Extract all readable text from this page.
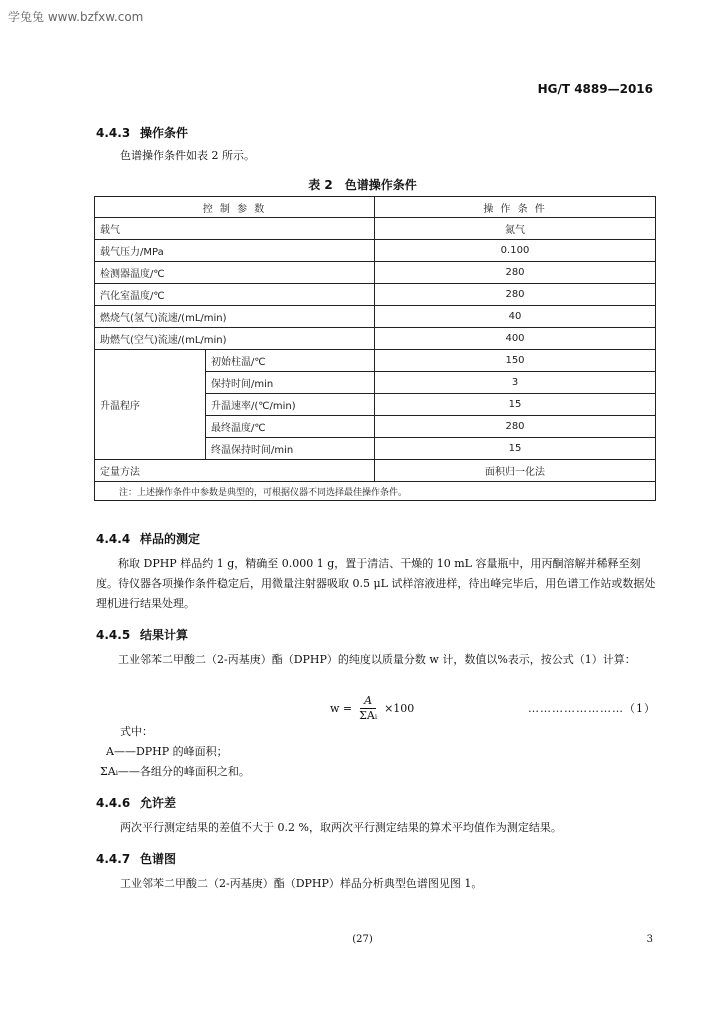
学兔兔 www.bzfxw.com
HG/T 4889—2016
4.4.3 操作条件
色谱操作条件如表 2 所示。
表 2　色谱操作条件
控 制 参 数		操 作 条 件
载气		氮气
载气压力/MPa		0.100
检测器温度/℃		280
汽化室温度/℃		280
燃烧气(氢气)流速/(mL/min)		40
助燃气(空气)流速/(mL/min)		400
升温程序	初始柱温/℃	150
	保持时间/min	3
	升温速率/(℃/min)	15
	最终温度/℃	280
	终温保持时间/min	15
定量方法		面积归一化法
注：上述操作条件中参数是典型的，可根据仪器不同选择最佳操作条件。		
4.4.4 样品的测定
称取 DPHP 样品约 1 g，精确至 0.000 1 g，置于清洁、干燥的 10 mL 容量瓶中，用丙酮溶解并稀释至刻度。待仪器各项操作条件稳定后，用微量注射器吸取 0.5 μL 试样溶液进样，待出峰完毕后，用色谱工作站或数据处理机进行结果处理。
4.4.5 结果计算
工业邻苯二甲酸二（2-丙基庚）酯（DPHP）的纯度以质量分数 w 计，数值以%表示，按公式（1）计算：
$w = \frac{A}{\text{ΣAᵢ}} \times 100$	……………………（1）
式中：
A——DPHP 的峰面积；
ΣAᵢ——各组分的峰面积之和。
4.4.6 允许差
两次平行测定结果的差值不大于 0.2 %，取两次平行测定结果的算术平均值作为测定结果。
4.4.7 色谱图
工业邻苯二甲酸二（2-丙基庚）酯（DPHP）样品分析典型色谱图见图 1。
(27)	3
